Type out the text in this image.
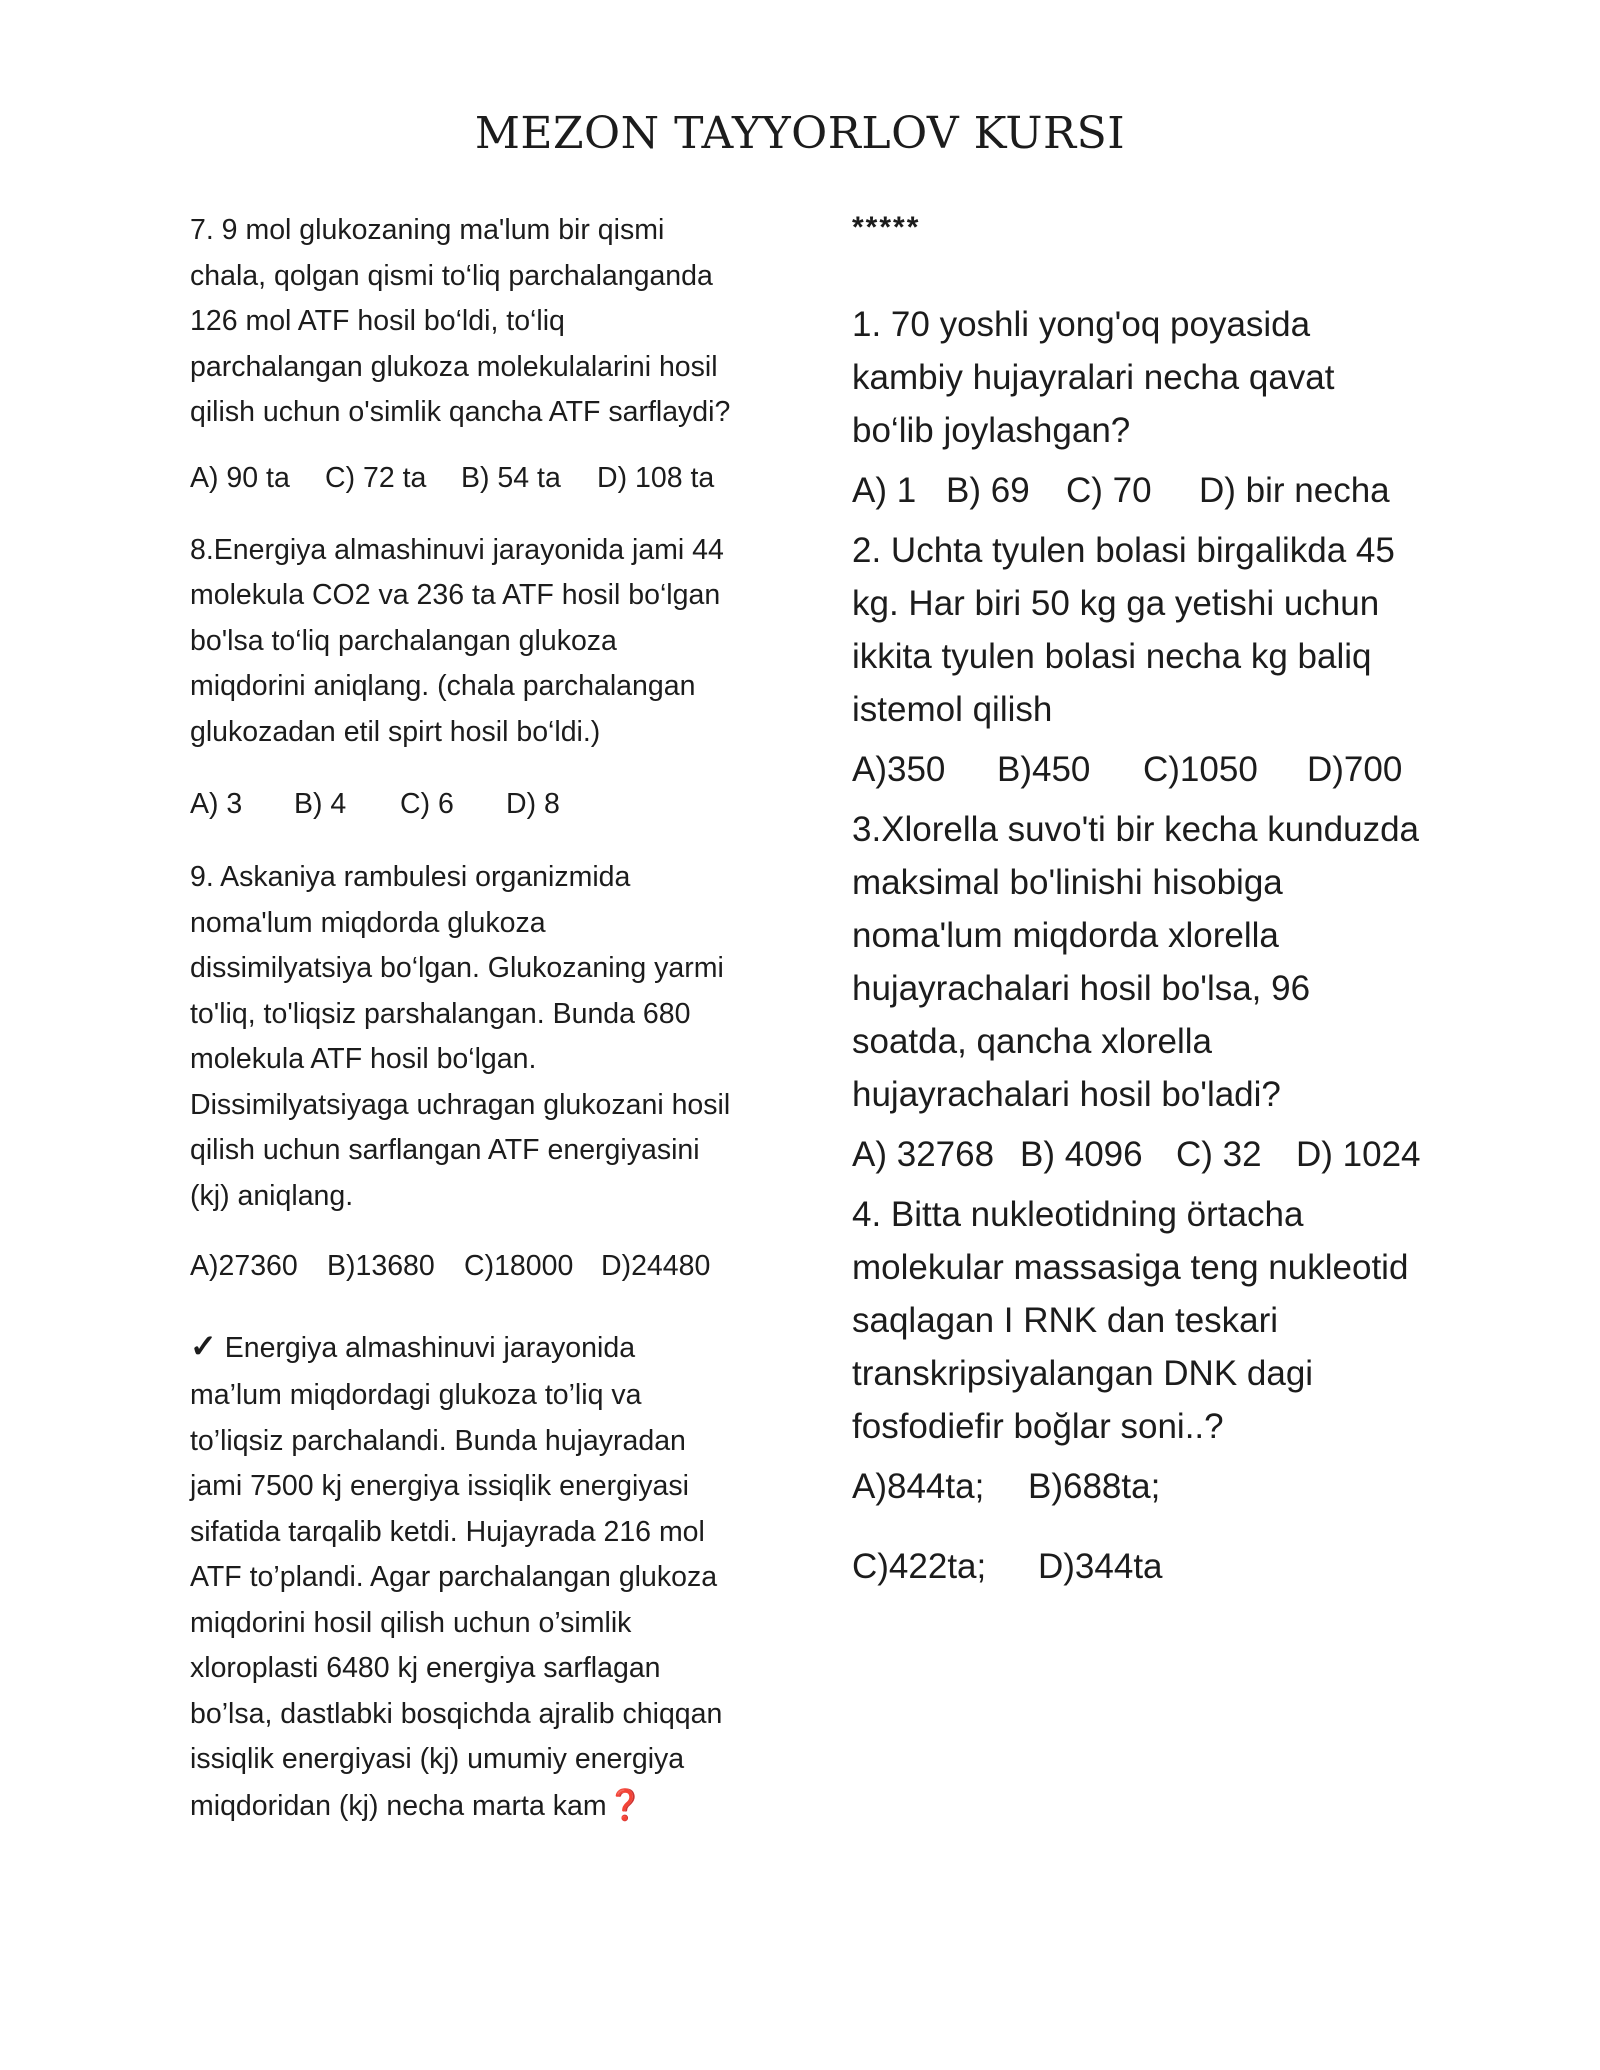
MEZON TAYYORLOV KURSI

7. 9 mol glukozaning ma'lum bir qismi
chala, qolgan qismi to‘liq parchalanganda
126 mol ATF hosil bo‘ldi, to‘liq
parchalangan glukoza molekulalarini hosil
qilish uchun o'simlik qancha ATF sarflaydi?

A) 90 ta	C) 72 ta	B) 54 ta	D) 108 ta

8.Energiya almashinuvi jarayonida jami 44
molekula CO2 va 236 ta ATF hosil bo‘lgan
bo'lsa to‘liq parchalangan glukoza
miqdorini aniqlang. (chala parchalangan
glukozadan etil spirt hosil bo‘ldi.)

A) 3	B) 4	C) 6	D) 8

9. Askaniya rambulesi organizmida
noma'lum miqdorda glukoza
dissimilyatsiya bo‘lgan. Glukozaning yarmi
to'liq, to'liqsiz parshalangan. Bunda 680
molekula ATF hosil bo‘lgan.
Dissimilyatsiyaga uchragan glukozani hosil
qilish uchun sarflangan ATF energiyasini
(kj) aniqlang.

A)27360	B)13680	C)18000 D)24480

✓ Energiya almashinuvi jarayonida

ma’lum miqdordagi glukoza to’liq va
to’liqsiz parchalandi. Bunda hujayradan
jami 7500 kj energiya issiqlik energiyasi
sifatida tarqalib ketdi. Hujayrada 216 mol
ATF to’plandi. Agar parchalangan glukoza
miqdorini hosil qilish uchun o’simlik
xloroplasti 6480 kj energiya sarflagan
bo’lsa, dastlabki bosqichda ajralib chiqqan
issiqlik energiyasi (kj) umumiy energiya
miqdoridan (kj) necha marta kam❓

*****

1. 70 yoshli yong'oq poyasida
kambiy hujayralari necha qavat
bo‘lib joylashgan?

A) 1 B) 69	C) 70	D) bir necha

2. Uchta tyulen bolasi birgalikda 45
kg. Har biri 50 kg ga yetishi uchun
ikkita tyulen bolasi necha kg baliq
istemol qilish

A)350	B)450	C)1050	D)700

3.Xlorella suvo'ti bir kecha kunduzda
maksimal bo'linishi hisobiga
noma'lum miqdorda xlorella
hujayrachalari hosil bo'lsa, 96
soatda, qancha xlorella
hujayrachalari hosil bo'ladi?

A) 32768 B) 4096 C) 32 D) 1024

4. Bitta nukleotidning örtacha
molekular massasiga teng nukleotid
saqlagan I RNK dan teskari
transkripsiyalangan DNK dagi
fosfodiefir boğlar soni..?

A)844ta;	B)688ta;
C)422ta;	D)344ta
